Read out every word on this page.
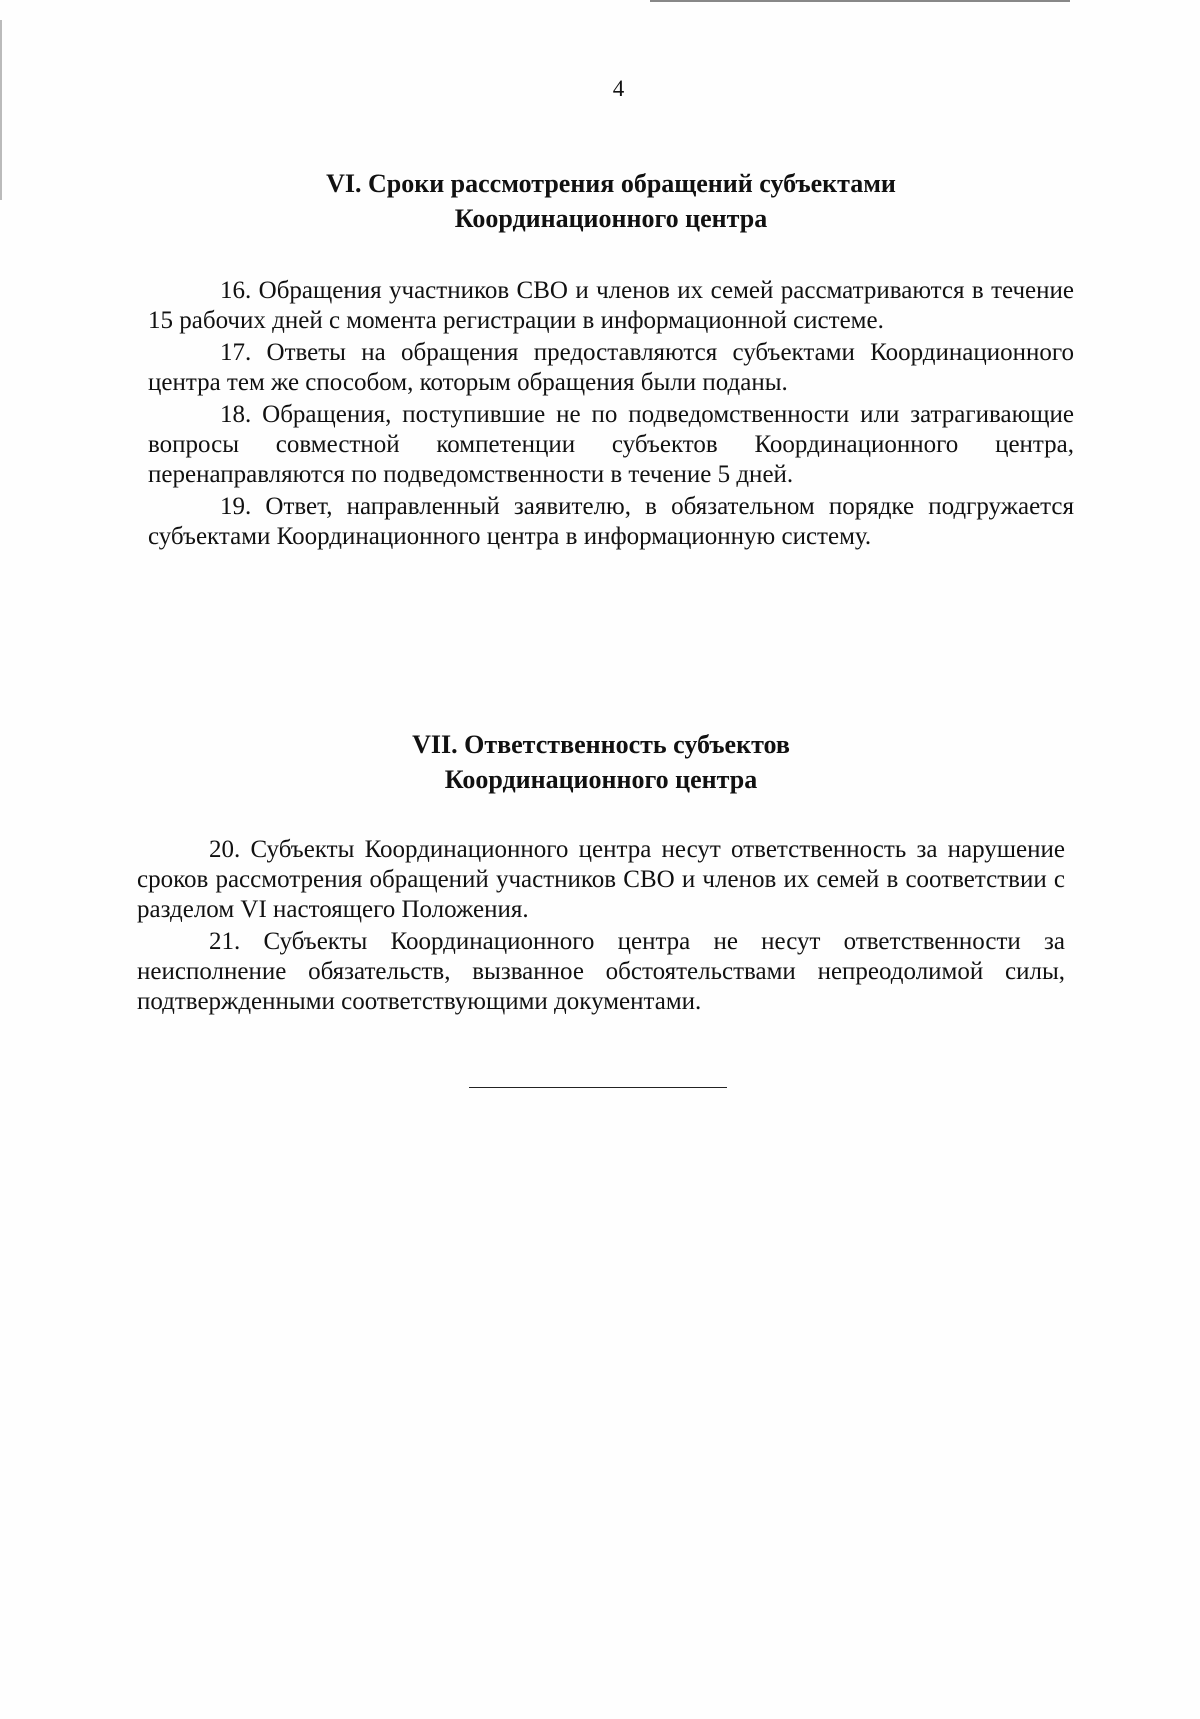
4

VI. Сроки рассмотрения обращений субъектами
Координационного центра

16. Обращения участников СВО и членов их семей рассматриваются в течение 15 рабочих дней с момента регистрации в информационной системе.

17. Ответы на обращения предоставляются субъектами Координационного центра тем же способом, которым обращения были поданы.

18. Обращения, поступившие не по подведомственности или затрагивающие вопросы совместной компетенции субъектов Координационного центра, перенаправляются по подведомственности в течение 5 дней.

19. Ответ, направленный заявителю, в обязательном порядке подгружается субъектами Координационного центра в информационную систему.

VII. Ответственность субъектов
Координационного центра

20. Субъекты Координационного центра несут ответственность за нарушение сроков рассмотрения обращений участников СВО и членов их семей в соответствии с разделом VI настоящего Положения.

21. Субъекты Координационного центра не несут ответственности за неисполнение обязательств, вызванное обстоятельствами непреодолимой силы, подтвержденными соответствующими документами.
